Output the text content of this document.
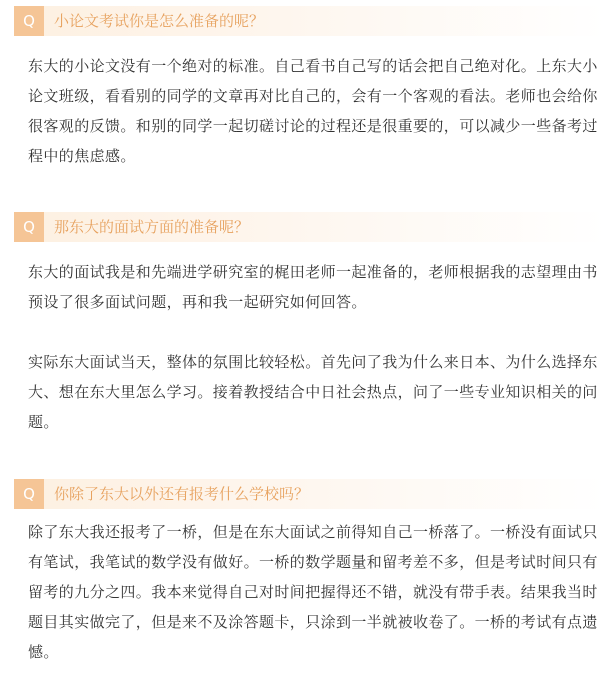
Q	小论文考试你是怎么准备的呢？

东大的小论文没有一个绝对的标准。自己看书自己写的话会把自己绝对化。上东大小论文班级，看看别的同学的文章再对比自己的，会有一个客观的看法。老师也会给你很客观的反馈。和别的同学一起切磋讨论的过程还是很重要的，可以减少一些备考过程中的焦虑感。

Q	那东大的面试方面的准备呢？

东大的面试我是和先端进学研究室的梶田老师一起准备的，老师根据我的志望理由书预设了很多面试问题，再和我一起研究如何回答。

实际东大面试当天，整体的氛围比较轻松。首先问了我为什么来日本、为什么选择东大、想在东大里怎么学习。接着教授结合中日社会热点，问了一些专业知识相关的问题。

Q	你除了东大以外还有报考什么学校吗？

除了东大我还报考了一桥，但是在东大面试之前得知自己一桥落了。一桥没有面试只有笔试，我笔试的数学没有做好。一桥的数学题量和留考差不多，但是考试时间只有留考的九分之四。我本来觉得自己对时间把握得还不错，就没有带手表。结果我当时题目其实做完了，但是来不及涂答题卡，只涂到一半就被收卷了。一桥的考试有点遗憾。
